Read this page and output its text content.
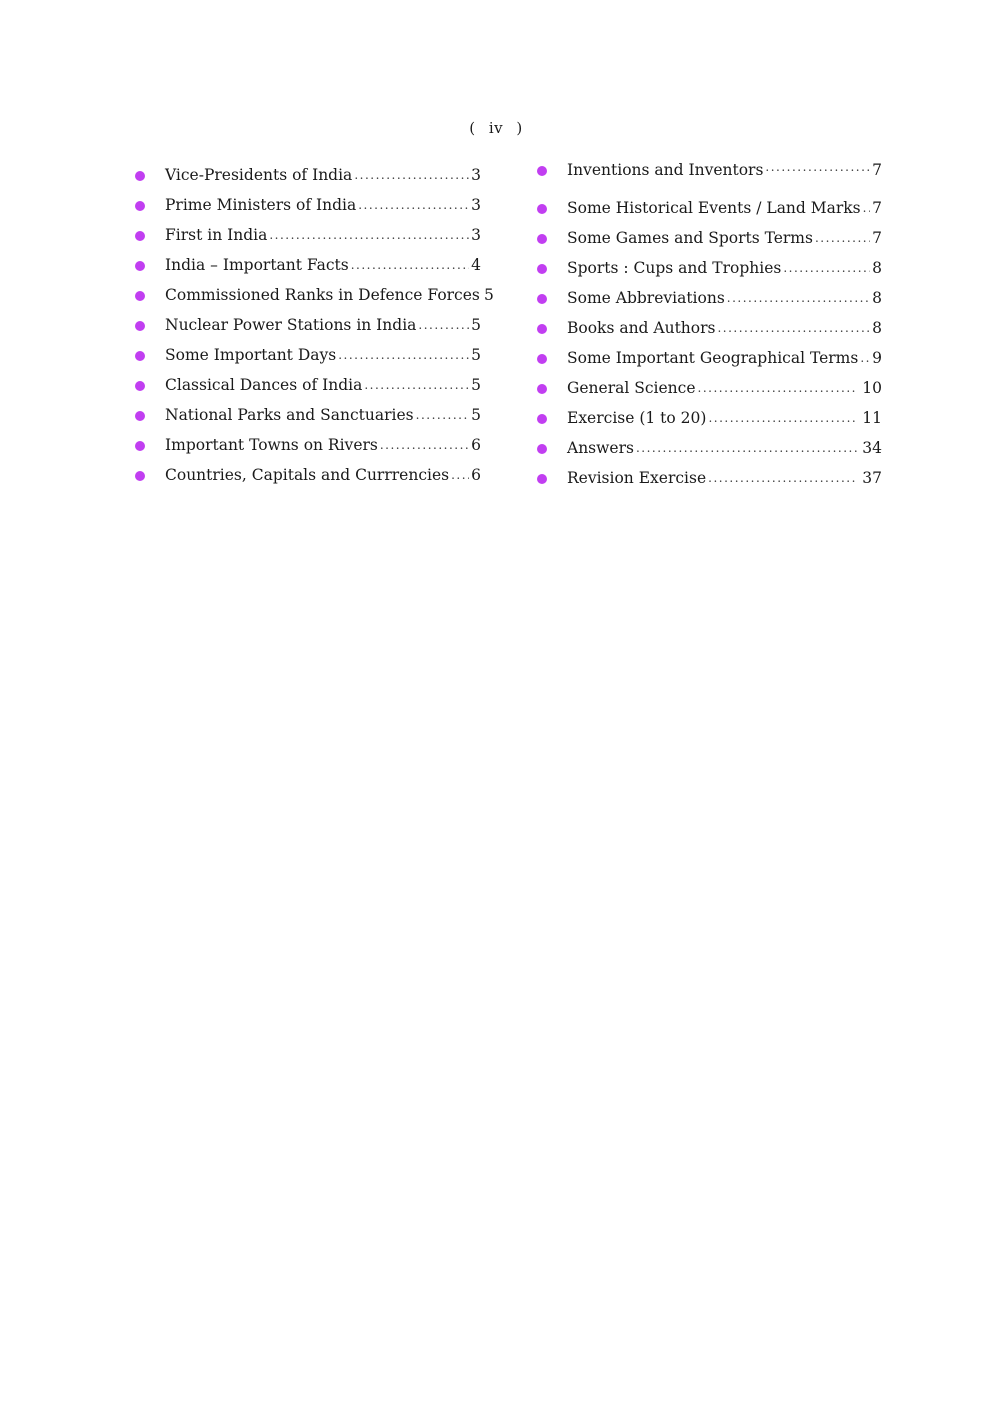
( iv )
Vice-Presidents of India .....	3
Prime Ministers of India .....	3
First in India .....	3
India – Important Facts .....	4
Commissioned Ranks in Defence Forces 5
Nuclear Power Stations in India .....	5
Some Important Days .....	5
Classical Dances of India .....	5
National Parks and Sanctuaries .....	5
Important Towns on Rivers .....	6
Countries, Capitals and Currrencies ..... 6
Inventions and Inventors .....	7
Some Historical Events / Land Marks ..... 7
Some Games and Sports Terms .....	7
Sports : Cups and Trophies .....	8
Some Abbreviations .....	8
Books and Authors .....	8
Some Important Geographical Terms ..... 9
General Science .....	10
Exercise (1 to 20) .....	11
Answers .....	34
Revision Exercise .....	37
